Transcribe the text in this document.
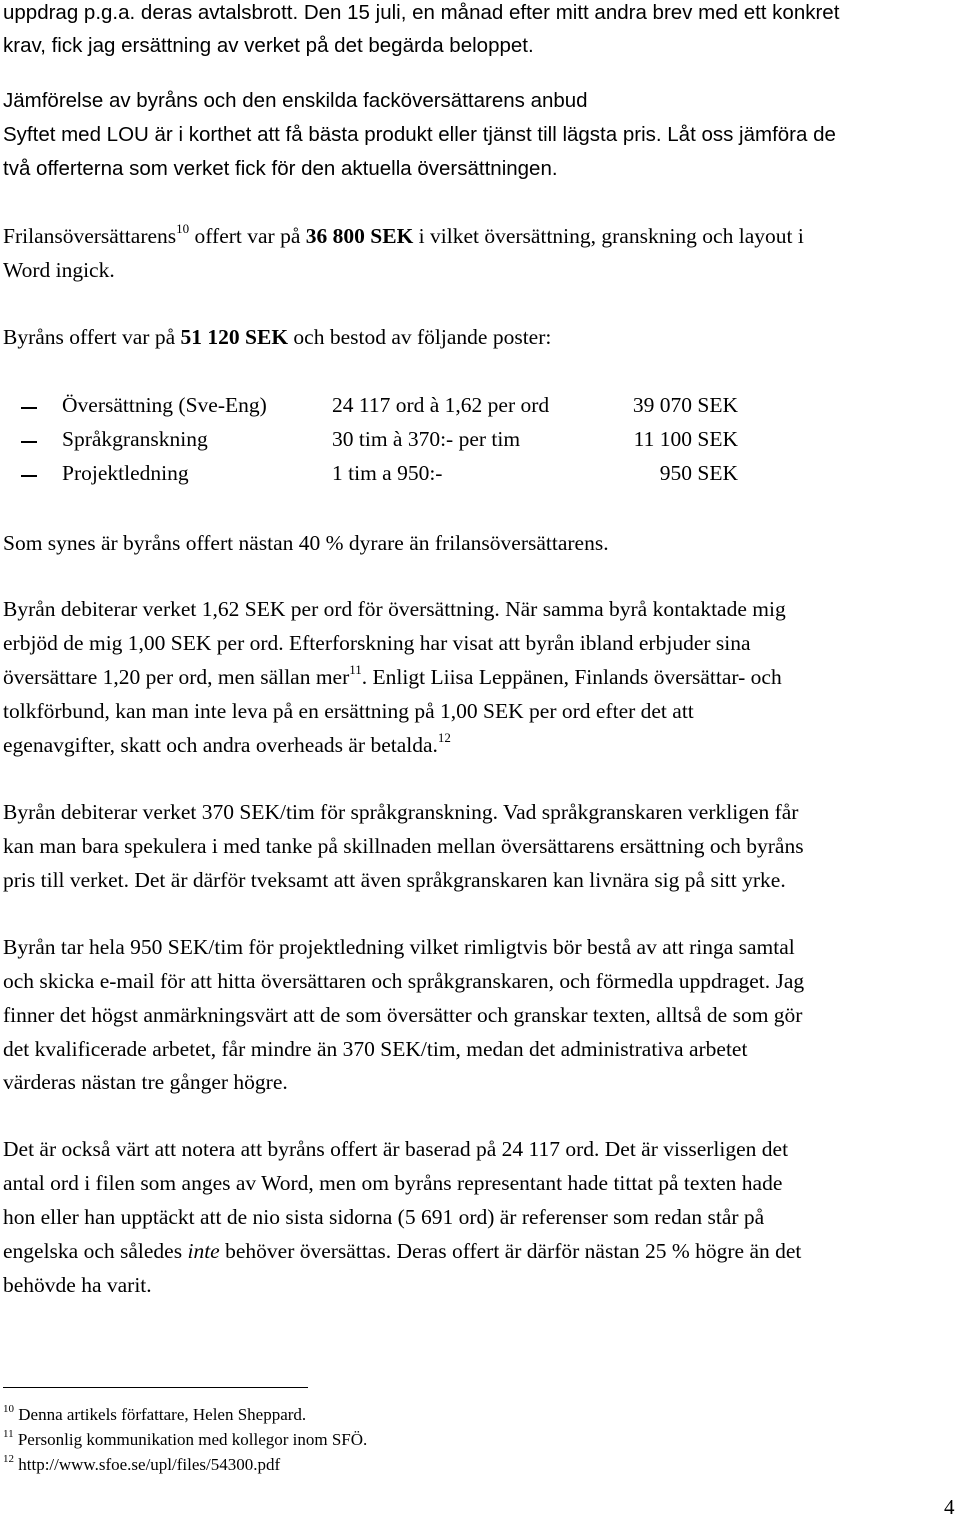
uppdrag p.g.a. deras avtalsbrott. Den 15 juli, en månad efter mitt andra brev med ett konkret
krav, fick jag ersättning av verket på det begärda beloppet.
Jämförelse av byråns och den enskilda facköversättarens anbud
Syftet med LOU är i korthet att få bästa produkt eller tjänst till lägsta pris. Låt oss jämföra de
två offerterna som verket fick för den aktuella översättningen.
Frilansöversättarens$^{10}$ offert var på 36 800 SEK i vilket översättning, granskning och layout i
Word ingick.
Byråns offert var på 51 120 SEK och bestod av följande poster:
Översättning (Sve-Eng)	24 117 ord à 1,62 per ord	39 070 SEK
Språkgranskning	30 tim à 370:- per tim	11 100 SEK
Projektledning	1 tim a 950:-	950 SEK
Som synes är byråns offert nästan 40 % dyrare än frilansöversättarens.
Byrån debiterar verket 1,62 SEK per ord för översättning. När samma byrå kontaktade mig
erbjöd de mig 1,00 SEK per ord. Efterforskning har visat att byrån ibland erbjuder sina
översättare 1,20 per ord, men sällan mer$^{11}$. Enligt Liisa Leppänen, Finlands översättar- och
tolkförbund, kan man inte leva på en ersättning på 1,00 SEK per ord efter det att
egenavgifter, skatt och andra overheads är betalda.$^{12}$
Byrån debiterar verket 370 SEK/tim för språkgranskning. Vad språkgranskaren verkligen får
kan man bara spekulera i med tanke på skillnaden mellan översättarens ersättning och byråns
pris till verket. Det är därför tveksamt att även språkgranskaren kan livnära sig på sitt yrke.
Byrån tar hela 950 SEK/tim för projektledning vilket rimligtvis bör bestå av att ringa samtal
och skicka e-mail för att hitta översättaren och språkgranskaren, och förmedla uppdraget. Jag
finner det högst anmärkningsvärt att de som översätter och granskar texten, alltså de som gör
det kvalificerade arbetet, får mindre än 370 SEK/tim, medan det administrativa arbetet
värderas nästan tre gånger högre.
Det är också värt att notera att byråns offert är baserad på 24 117 ord. Det är visserligen det
antal ord i filen som anges av Word, men om byråns representant hade tittat på texten hade
hon eller han upptäckt att de nio sista sidorna (5 691 ord) är referenser som redan står på
engelska och således inte behöver översättas. Deras offert är därför nästan 25 % högre än det
behövde ha varit.
$^{10}$ Denna artikels författare, Helen Sheppard.
$^{11}$ Personlig kommunikation med kollegor inom SFÖ.
$^{12}$ http://www.sfoe.se/upl/files/54300.pdf
4
